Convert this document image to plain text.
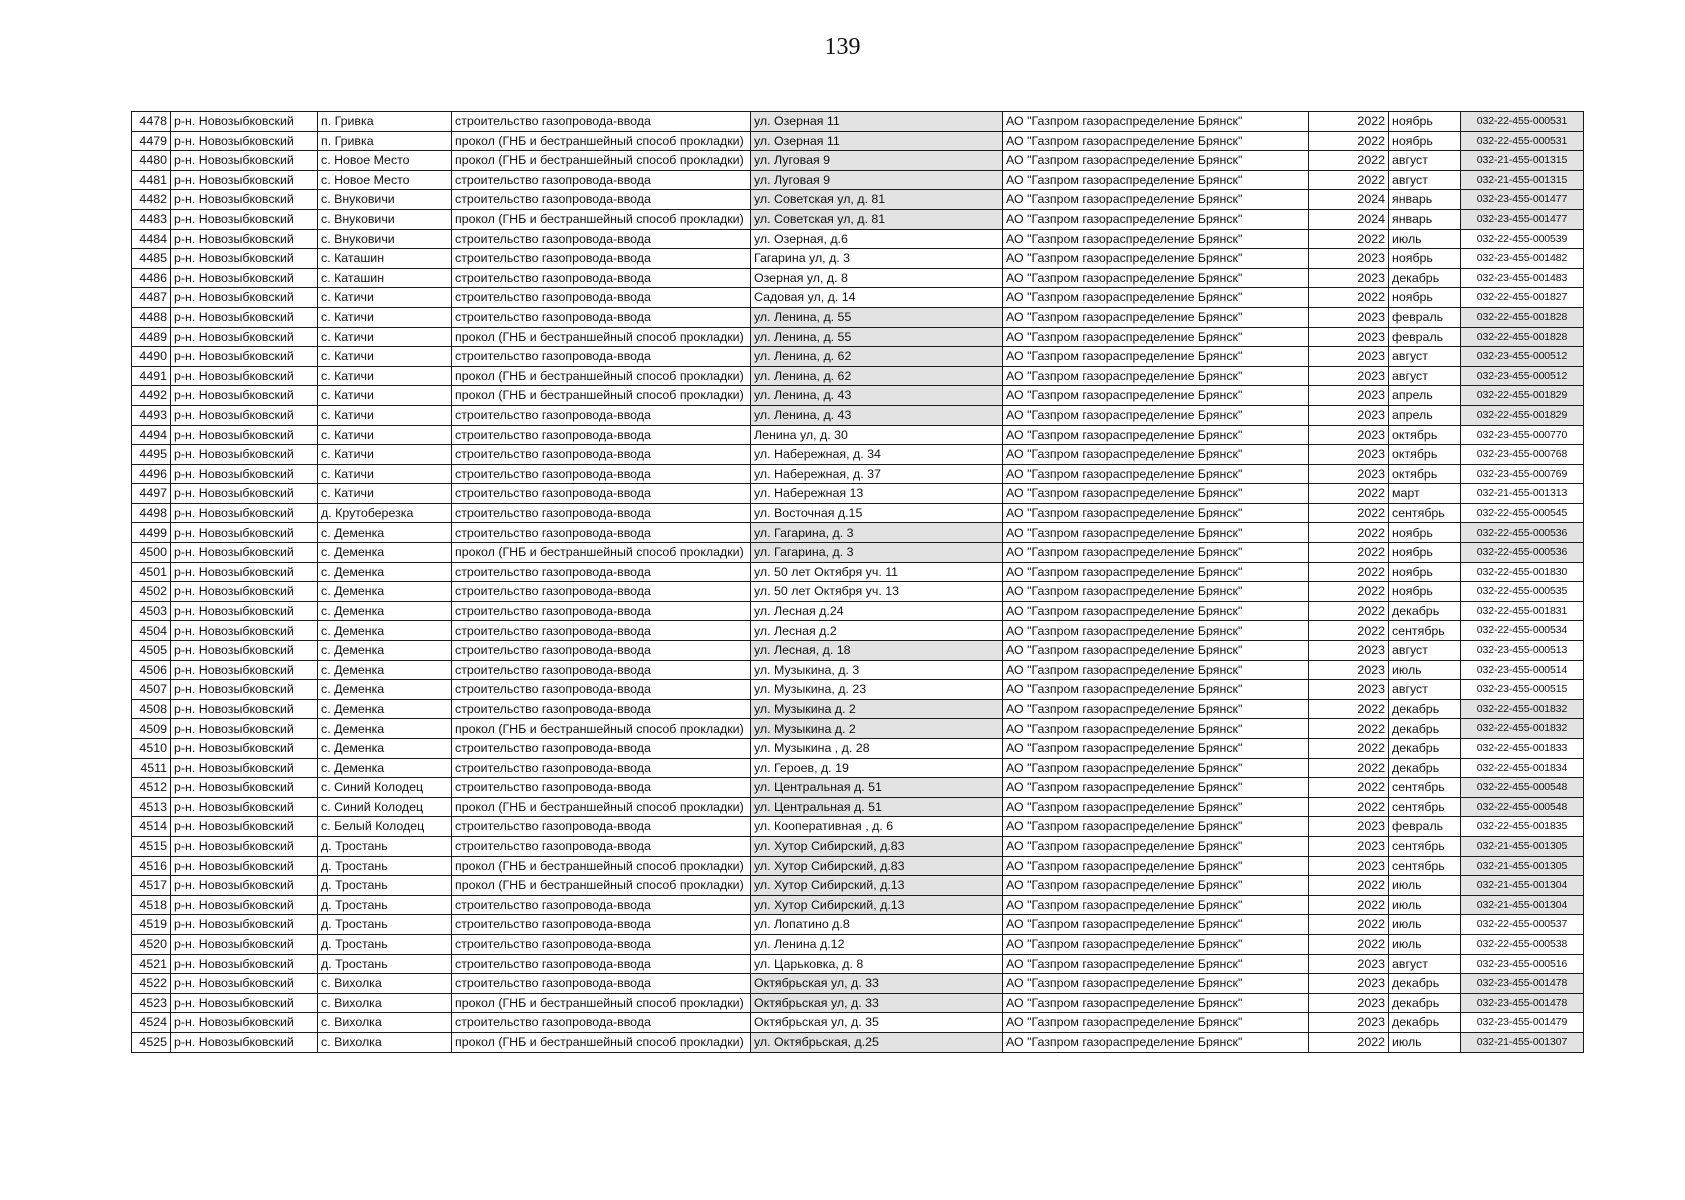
139
4478	р-н. Новозыбковский	п. Гривка	строительство газопровода-ввода	ул. Озерная 11	АО "Газпром газораспределение Брянск"	2022	ноябрь	032-22-455-000531
4479	р-н. Новозыбковский	п. Гривка	прокол (ГНБ и бестраншейный способ прокладки)	ул. Озерная 11	АО "Газпром газораспределение Брянск"	2022	ноябрь	032-22-455-000531
4480	р-н. Новозыбковский	с. Новое Место	прокол (ГНБ и бестраншейный способ прокладки)	ул. Луговая 9	АО "Газпром газораспределение Брянск"	2022	август	032-21-455-001315
4481	р-н. Новозыбковский	с. Новое Место	строительство газопровода-ввода	ул. Луговая 9	АО "Газпром газораспределение Брянск"	2022	август	032-21-455-001315
4482	р-н. Новозыбковский	с. Внуковичи	строительство газопровода-ввода	ул. Советская ул, д. 81	АО "Газпром газораспределение Брянск"	2024	январь	032-23-455-001477
4483	р-н. Новозыбковский	с. Внуковичи	прокол (ГНБ и бестраншейный способ прокладки)	ул. Советская ул, д. 81	АО "Газпром газораспределение Брянск"	2024	январь	032-23-455-001477
4484	р-н. Новозыбковский	с. Внуковичи	строительство газопровода-ввода	ул. Озерная, д.6	АО "Газпром газораспределение Брянск"	2022	июль	032-22-455-000539
4485	р-н. Новозыбковский	с. Каташин	строительство газопровода-ввода	Гагарина ул, д. 3	АО "Газпром газораспределение Брянск"	2023	ноябрь	032-23-455-001482
4486	р-н. Новозыбковский	с. Каташин	строительство газопровода-ввода	Озерная ул, д. 8	АО "Газпром газораспределение Брянск"	2023	декабрь	032-23-455-001483
4487	р-н. Новозыбковский	с. Катичи	строительство газопровода-ввода	Садовая ул, д. 14	АО "Газпром газораспределение Брянск"	2022	ноябрь	032-22-455-001827
4488	р-н. Новозыбковский	с. Катичи	строительство газопровода-ввода	ул. Ленина, д. 55	АО "Газпром газораспределение Брянск"	2023	февраль	032-22-455-001828
4489	р-н. Новозыбковский	с. Катичи	прокол (ГНБ и бестраншейный способ прокладки)	ул. Ленина, д. 55	АО "Газпром газораспределение Брянск"	2023	февраль	032-22-455-001828
4490	р-н. Новозыбковский	с. Катичи	строительство газопровода-ввода	ул. Ленина, д. 62	АО "Газпром газораспределение Брянск"	2023	август	032-23-455-000512
4491	р-н. Новозыбковский	с. Катичи	прокол (ГНБ и бестраншейный способ прокладки)	ул. Ленина, д. 62	АО "Газпром газораспределение Брянск"	2023	август	032-23-455-000512
4492	р-н. Новозыбковский	с. Катичи	прокол (ГНБ и бестраншейный способ прокладки)	ул. Ленина, д. 43	АО "Газпром газораспределение Брянск"	2023	апрель	032-22-455-001829
4493	р-н. Новозыбковский	с. Катичи	строительство газопровода-ввода	ул. Ленина, д. 43	АО "Газпром газораспределение Брянск"	2023	апрель	032-22-455-001829
4494	р-н. Новозыбковский	с. Катичи	строительство газопровода-ввода	Ленина ул, д. 30	АО "Газпром газораспределение Брянск"	2023	октябрь	032-23-455-000770
4495	р-н. Новозыбковский	с. Катичи	строительство газопровода-ввода	ул. Набережная, д. 34	АО "Газпром газораспределение Брянск"	2023	октябрь	032-23-455-000768
4496	р-н. Новозыбковский	с. Катичи	строительство газопровода-ввода	ул. Набережная, д. 37	АО "Газпром газораспределение Брянск"	2023	октябрь	032-23-455-000769
4497	р-н. Новозыбковский	с. Катичи	строительство газопровода-ввода	ул. Набережная 13	АО "Газпром газораспределение Брянск"	2022	март	032-21-455-001313
4498	р-н. Новозыбковский	д. Крутоберезка	строительство газопровода-ввода	ул. Восточная д.15	АО "Газпром газораспределение Брянск"	2022	сентябрь	032-22-455-000545
4499	р-н. Новозыбковский	с. Деменка	строительство газопровода-ввода	ул. Гагарина, д. 3	АО "Газпром газораспределение Брянск"	2022	ноябрь	032-22-455-000536
4500	р-н. Новозыбковский	с. Деменка	прокол (ГНБ и бестраншейный способ прокладки)	ул. Гагарина, д. 3	АО "Газпром газораспределение Брянск"	2022	ноябрь	032-22-455-000536
4501	р-н. Новозыбковский	с. Деменка	строительство газопровода-ввода	ул. 50 лет Октября уч. 11	АО "Газпром газораспределение Брянск"	2022	ноябрь	032-22-455-001830
4502	р-н. Новозыбковский	с. Деменка	строительство газопровода-ввода	ул. 50 лет Октября уч. 13	АО "Газпром газораспределение Брянск"	2022	ноябрь	032-22-455-000535
4503	р-н. Новозыбковский	с. Деменка	строительство газопровода-ввода	ул. Лесная д.24	АО "Газпром газораспределение Брянск"	2022	декабрь	032-22-455-001831
4504	р-н. Новозыбковский	с. Деменка	строительство газопровода-ввода	ул. Лесная д.2	АО "Газпром газораспределение Брянск"	2022	сентябрь	032-22-455-000534
4505	р-н. Новозыбковский	с. Деменка	строительство газопровода-ввода	ул. Лесная, д. 18	АО "Газпром газораспределение Брянск"	2023	август	032-23-455-000513
4506	р-н. Новозыбковский	с. Деменка	строительство газопровода-ввода	ул. Музыкина, д. 3	АО "Газпром газораспределение Брянск"	2023	июль	032-23-455-000514
4507	р-н. Новозыбковский	с. Деменка	строительство газопровода-ввода	ул. Музыкина, д. 23	АО "Газпром газораспределение Брянск"	2023	август	032-23-455-000515
4508	р-н. Новозыбковский	с. Деменка	строительство газопровода-ввода	ул. Музыкина д. 2	АО "Газпром газораспределение Брянск"	2022	декабрь	032-22-455-001832
4509	р-н. Новозыбковский	с. Деменка	прокол (ГНБ и бестраншейный способ прокладки)	ул. Музыкина д. 2	АО "Газпром газораспределение Брянск"	2022	декабрь	032-22-455-001832
4510	р-н. Новозыбковский	с. Деменка	строительство газопровода-ввода	ул. Музыкина , д. 28	АО "Газпром газораспределение Брянск"	2022	декабрь	032-22-455-001833
4511	р-н. Новозыбковский	с. Деменка	строительство газопровода-ввода	ул. Героев, д. 19	АО "Газпром газораспределение Брянск"	2022	декабрь	032-22-455-001834
4512	р-н. Новозыбковский	с. Синий Колодец	строительство газопровода-ввода	ул. Центральная д. 51	АО "Газпром газораспределение Брянск"	2022	сентябрь	032-22-455-000548
4513	р-н. Новозыбковский	с. Синий Колодец	прокол (ГНБ и бестраншейный способ прокладки)	ул. Центральная д. 51	АО "Газпром газораспределение Брянск"	2022	сентябрь	032-22-455-000548
4514	р-н. Новозыбковский	с. Белый Колодец	строительство газопровода-ввода	ул. Кооперативная , д. 6	АО "Газпром газораспределение Брянск"	2023	февраль	032-22-455-001835
4515	р-н. Новозыбковский	д. Тростань	строительство газопровода-ввода	ул. Хутор Сибирский, д.83	АО "Газпром газораспределение Брянск"	2023	сентябрь	032-21-455-001305
4516	р-н. Новозыбковский	д. Тростань	прокол (ГНБ и бестраншейный способ прокладки)	ул. Хутор Сибирский, д.83	АО "Газпром газораспределение Брянск"	2023	сентябрь	032-21-455-001305
4517	р-н. Новозыбковский	д. Тростань	прокол (ГНБ и бестраншейный способ прокладки)	ул. Хутор Сибирский, д.13	АО "Газпром газораспределение Брянск"	2022	июль	032-21-455-001304
4518	р-н. Новозыбковский	д. Тростань	строительство газопровода-ввода	ул. Хутор Сибирский, д.13	АО "Газпром газораспределение Брянск"	2022	июль	032-21-455-001304
4519	р-н. Новозыбковский	д. Тростань	строительство газопровода-ввода	ул. Лопатино д.8	АО "Газпром газораспределение Брянск"	2022	июль	032-22-455-000537
4520	р-н. Новозыбковский	д. Тростань	строительство газопровода-ввода	ул. Ленина д.12	АО "Газпром газораспределение Брянск"	2022	июль	032-22-455-000538
4521	р-н. Новозыбковский	д. Тростань	строительство газопровода-ввода	ул. Царьковка, д. 8	АО "Газпром газораспределение Брянск"	2023	август	032-23-455-000516
4522	р-н. Новозыбковский	с. Вихолка	строительство газопровода-ввода	Октябрьская ул, д. 33	АО "Газпром газораспределение Брянск"	2023	декабрь	032-23-455-001478
4523	р-н. Новозыбковский	с. Вихолка	прокол (ГНБ и бестраншейный способ прокладки)	Октябрьская ул, д. 33	АО "Газпром газораспределение Брянск"	2023	декабрь	032-23-455-001478
4524	р-н. Новозыбковский	с. Вихолка	строительство газопровода-ввода	Октябрьская ул, д. 35	АО "Газпром газораспределение Брянск"	2023	декабрь	032-23-455-001479
4525	р-н. Новозыбковский	с. Вихолка	прокол (ГНБ и бестраншейный способ прокладки)	ул. Октябрьская, д.25	АО "Газпром газораспределение Брянск"	2022	июль	032-21-455-001307
